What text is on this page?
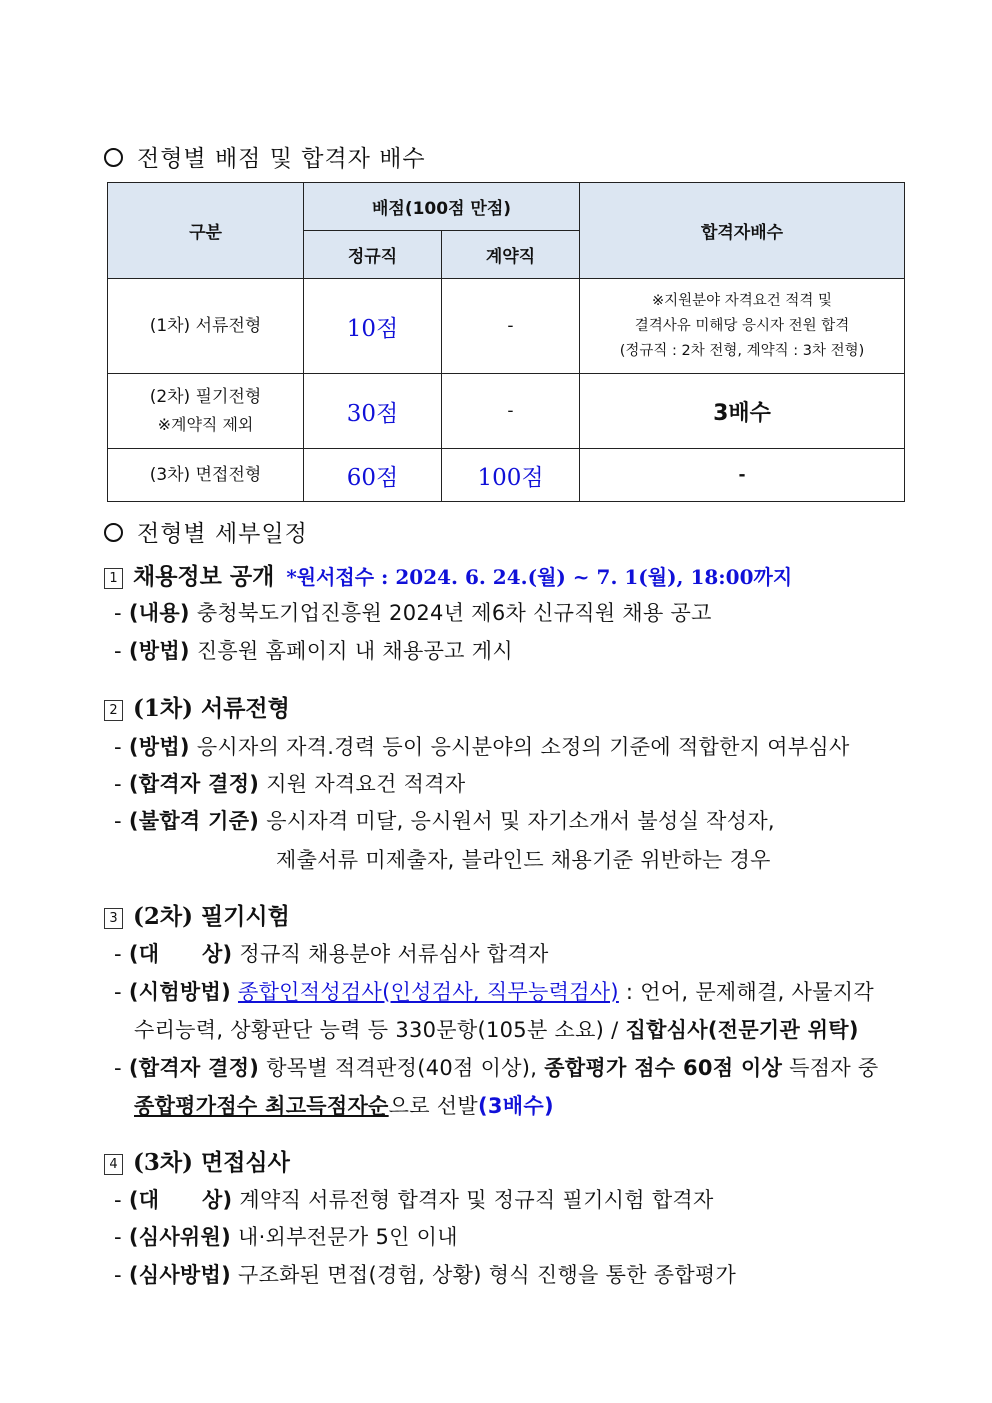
전형별 배점 및 합격자 배수
구분	배점(100점 만점)		합격자배수
	정규직	계약직	
(1차) 서류전형	10점	-	※지원분야 자격요건 적격 및
결격사유 미해당 응시자 전원 합격
(정규직 : 2차 전형, 계약직 : 3차 전형)

(2차) 필기전형
※계약직 제외	30점	-	3배수
(3차) 면접전형	60점	100점	-
전형별 세부일정
1 채용정보 공개 *원서접수 : 2024. 6. 24.(월) ~ 7. 1(월), 18:00까지
- (내용) 충청북도기업진흥원 2024년 제6차 신규직원 채용 공고
- (방법) 진흥원 홈페이지 내 채용공고 게시
2 (1차) 서류전형
- (방법) 응시자의 자격.경력 등이 응시분야의 소정의 기준에 적합한지 여부심사
- (합격자 결정) 지원 자격요건 적격자
- (불합격 기준) 응시자격 미달, 응시원서 및 자기소개서 불성실 작성자,
제출서류 미제출자, 블라인드 채용기준 위반하는 경우
3 (2차) 필기시험
- (대　　상) 정규직 채용분야 서류심사 합격자
- (시험방법) 종합인적성검사(인성검사, 직무능력검사) : 언어, 문제해결, 사물지각
수리능력, 상황판단 능력 등 330문항(105분 소요) / 집합심사(전문기관 위탁)
- (합격자 결정) 항목별 적격판정(40점 이상), 종합평가 점수 60점 이상 득점자 중
종합평가점수 최고득점자순으로 선발(3배수)
4 (3차) 면접심사
- (대　　상) 계약직 서류전형 합격자 및 정규직 필기시험 합격자
- (심사위원) 내·외부전문가 5인 이내
- (심사방법) 구조화된 면접(경험, 상황) 형식 진행을 통한 종합평가
